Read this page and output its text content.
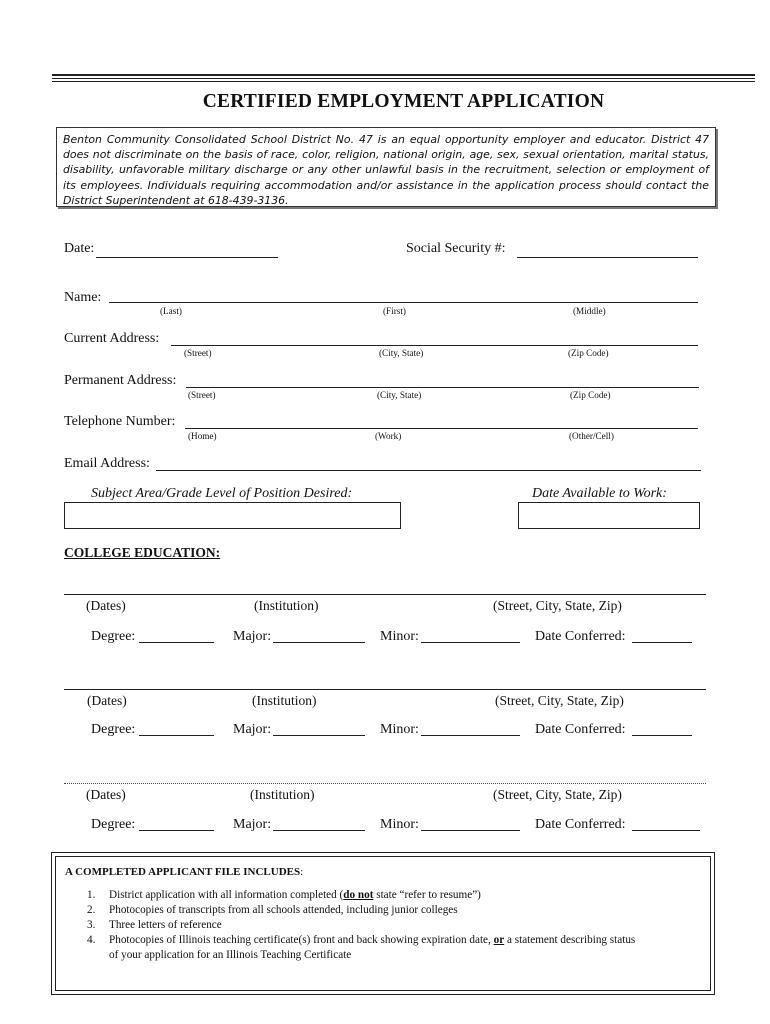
CERTIFIED EMPLOYMENT APPLICATION
Benton Community Consolidated School District No. 47 is an equal opportunity employer and educator. District 47 does not discriminate on the basis of race, color, religion, national origin, age, sex, sexual orientation, marital status, disability, unfavorable military discharge or any other unlawful basis in the recruitment, selection or employment of its employees. Individuals requiring accommodation and/or assistance in the application process should contact the District Superintendent at 618-439-3136.
Date:	Social Security #:
Name:
(Last)	(First)	(Middle)
Current Address:
(Street)	(City, State)	(Zip Code)
Permanent Address:
(Street)	(City, State)	(Zip Code)
Telephone Number:
(Home)	(Work)	(Other/Cell)
Email Address:
Subject Area/Grade Level of Position Desired:	Date Available to Work:
COLLEGE EDUCATION:
(Dates)	(Institution)	(Street, City, State, Zip)
Degree:	Major:	Minor:	Date Conferred:
(Dates)	(Institution)	(Street, City, State, Zip)
Degree:	Major:	Minor:	Date Conferred:
(Dates)	(Institution)	(Street, City, State, Zip)
Degree:	Major:	Minor:	Date Conferred:
A COMPLETED APPLICANT FILE INCLUDES:
1. District application with all information completed (do not state “refer to resume”)
2. Photocopies of transcripts from all schools attended, including junior colleges
3. Three letters of reference
4. Photocopies of Illinois teaching certificate(s) front and back showing expiration date, or a statement describing status
of your application for an Illinois Teaching Certificate
